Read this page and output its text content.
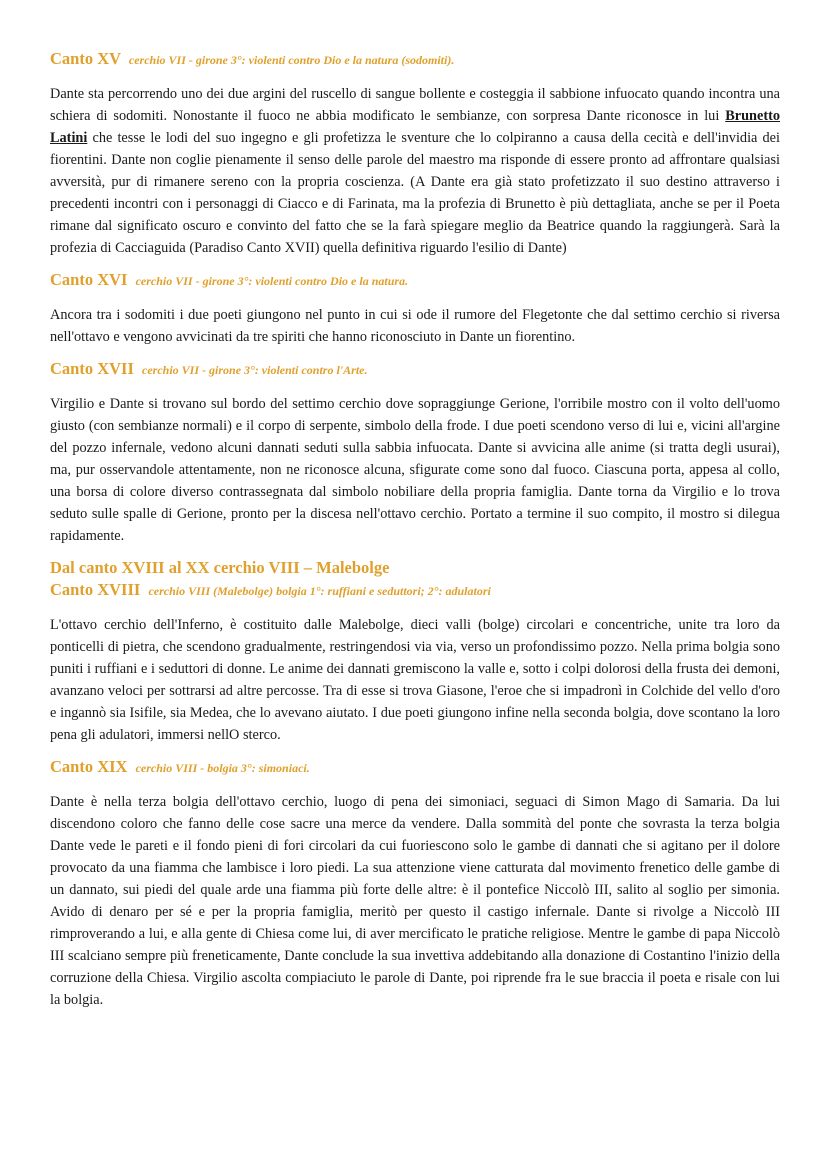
Canto XV cerchio VII - girone 3°: violenti contro Dio e la natura (sodomiti).

Dante sta percorrendo uno dei due argini del ruscello di sangue bollente e costeggia il sabbione infuocato quando incontra una schiera di sodomiti. Nonostante il fuoco ne abbia modificato le sembianze, con sorpresa Dante riconosce in lui Brunetto Latini che tesse le lodi del suo ingegno e gli profetizza le sventure che lo colpiranno a causa della cecità e dell'invidia dei fiorentini. Dante non coglie pienamente il senso delle parole del maestro ma risponde di essere pronto ad affrontare qualsiasi avversità, pur di rimanere sereno con la propria coscienza. (A Dante era già stato profetizzato il suo destino attraverso i precedenti incontri con i personaggi di Ciacco e di Farinata, ma la profezia di Brunetto è più dettagliata, anche se per il Poeta rimane dal significato oscuro e convinto del fatto che se la farà spiegare meglio da Beatrice quando la raggiungerà. Sarà la profezia di Cacciaguida (Paradiso Canto XVII) quella definitiva riguardo l'esilio di Dante)

Canto XVI cerchio VII - girone 3°: violenti contro Dio e la natura.

Ancora tra i sodomiti i due poeti giungono nel punto in cui si ode il rumore del Flegetonte che dal settimo cerchio si riversa nell'ottavo e vengono avvicinati da tre spiriti che hanno riconosciuto in Dante un fiorentino.

Canto XVII cerchio VII - girone 3°: violenti contro l'Arte.

Virgilio e Dante si trovano sul bordo del settimo cerchio dove sopraggiunge Gerione, l'orribile mostro con il volto dell'uomo giusto (con sembianze normali) e il corpo di serpente, simbolo della frode. I due poeti scendono verso di lui e, vicini all'argine del pozzo infernale, vedono alcuni dannati seduti sulla sabbia infuocata. Dante si avvicina alle anime (si tratta degli usurai), ma, pur osservandole attentamente, non ne riconosce alcuna, sfigurate come sono dal fuoco. Ciascuna porta, appesa al collo, una borsa di colore diverso contrassegnata dal simbolo nobiliare della propria famiglia. Dante torna da Virgilio e lo trova seduto sulle spalle di Gerione, pronto per la discesa nell'ottavo cerchio. Portato a termine il suo compito, il mostro si dilegua rapidamente.

Dal canto XVIII al XX cerchio VIII – Malebolge

Canto XVIII cerchio VIII (Malebolge) bolgia 1°: ruffiani e seduttori; 2°: adulatori

L'ottavo cerchio dell'Inferno, è costituito dalle Malebolge, dieci valli (bolge) circolari e concentriche, unite tra loro da ponticelli di pietra, che scendono gradualmente, restringendosi via via, verso un profondissimo pozzo. Nella prima bolgia sono puniti i ruffiani e i seduttori di donne. Le anime dei dannati gremiscono la valle e, sotto i colpi dolorosi della frusta dei demoni, avanzano veloci per sottrarsi ad altre percosse. Tra di esse si trova Giasone, l'eroe che si impadronì in Colchide del vello d'oro e ingannò sia Isifile, sia Medea, che lo avevano aiutato. I due poeti giungono infine nella seconda bolgia, dove scontano la loro pena gli adulatori, immersi nellO sterco.

Canto XIX cerchio VIII - bolgia 3°: simoniaci.

Dante è nella terza bolgia dell'ottavo cerchio, luogo di pena dei simoniaci, seguaci di Simon Mago di Samaria. Da lui discendono coloro che fanno delle cose sacre una merce da vendere. Dalla sommità del ponte che sovrasta la terza bolgia Dante vede le pareti e il fondo pieni di fori circolari da cui fuoriescono solo le gambe di dannati che si agitano per il dolore provocato da una fiamma che lambisce i loro piedi. La sua attenzione viene catturata dal movimento frenetico delle gambe di un dannato, sui piedi del quale arde una fiamma più forte delle altre: è il pontefice Niccolò III, salito al soglio per simonia. Avido di denaro per sé e per la propria famiglia, meritò per questo il castigo infernale. Dante si rivolge a Niccolò III rimproverando a lui, e alla gente di Chiesa come lui, di aver mercificato le pratiche religiose. Mentre le gambe di papa Niccolò III scalciano sempre più freneticamente, Dante conclude la sua invettiva addebitando alla donazione di Costantino l'inizio della corruzione della Chiesa. Virgilio ascolta compiaciuto le parole di Dante, poi riprende fra le sue braccia il poeta e risale con lui la bolgia.
